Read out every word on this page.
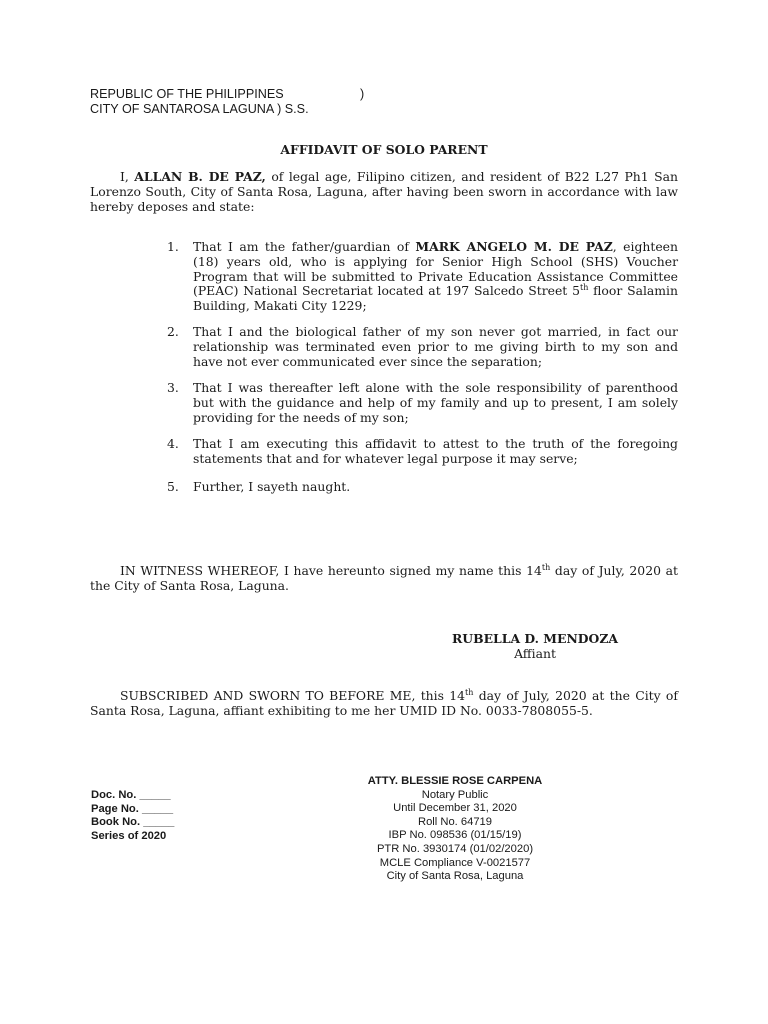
REPUBLIC OF THE PHILIPPINES	)
CITY OF SANTAROSA LAGUNA ) S.S.
AFFIDAVIT OF SOLO PARENT
I, ALLAN B. DE PAZ, of legal age, Filipino citizen, and resident of B22 L27 Ph1 San Lorenzo South, City of Santa Rosa, Laguna, after having been sworn in accordance with law hereby deposes and state:
1. That I am the father/guardian of MARK ANGELO M. DE PAZ, eighteen (18) years old, who is applying for Senior High School (SHS) Voucher Program that will be submitted to Private Education Assistance Committee (PEAC) National Secretariat located at 197 Salcedo Street 5th floor Salamin Building, Makati City 1229;
2. That I and the biological father of my son never got married, in fact our relationship was terminated even prior to me giving birth to my son and have not ever communicated ever since the separation;
3. That I was thereafter left alone with the sole responsibility of parenthood but with the guidance and help of my family and up to present, I am solely providing for the needs of my son;
4. That I am executing this affidavit to attest to the truth of the foregoing statements that and for whatever legal purpose it may serve;
5. Further, I sayeth naught.
IN WITNESS WHEREOF, I have hereunto signed my name this 14th day of July, 2020 at the City of Santa Rosa, Laguna.
RUBELLA D. MENDOZA
Affiant
SUBSCRIBED AND SWORN TO BEFORE ME, this 14th day of July, 2020 at the City of Santa Rosa, Laguna, affiant exhibiting to me her UMID ID No. 0033-7808055-5.
ATTY. BLESSIE ROSE CARPENA
Notary Public
Until December 31, 2020
Roll No. 64719
IBP No. 098536 (01/15/19)
PTR No. 3930174 (01/02/2020)
MCLE Compliance V-0021577
City of Santa Rosa, Laguna
Doc. No. _____
Page No. _____
Book No. _____
Series of 2020
